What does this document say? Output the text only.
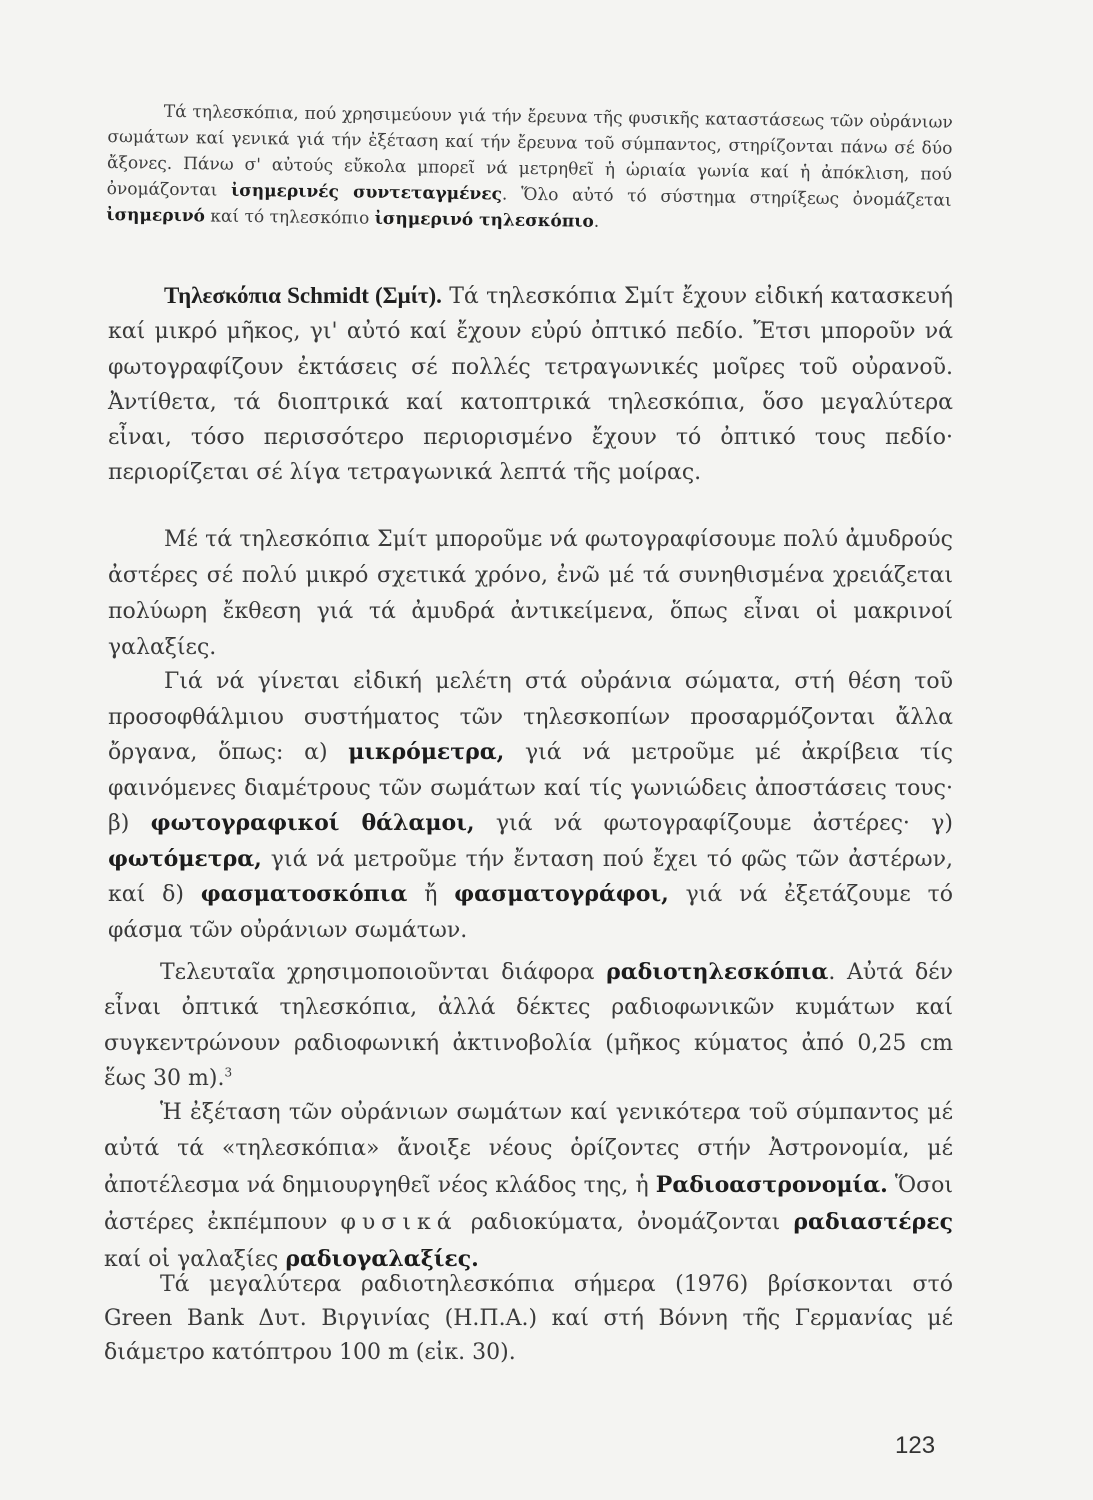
Τά τηλεσκόπια, πού χρησιμεύουν γιά τήν ἔρευνα τῆς φυσικῆς καταστάσεως τῶν οὐράνιων σωμάτων καί γενικά γιά τήν ἐξέταση καί τήν ἔρευνα τοῦ σύμπαντος, στηρίζονται πάνω σέ δύο ἄξονες. Πάνω σ' αὐτούς εὔκολα μπορεῖ νά μετρηθεῖ ἡ ὡριαία γωνία καί ἡ ἀπόκλιση, πού ὀνομάζονται ἰσημερινές συντεταγμένες. Ὅλο αὐτό τό σύστημα στηρίξεως ὀνομάζεται ἰσημερινό καί τό τηλεσκόπιο ἰσημερινό τηλεσκόπιο.

Τηλεσκόπια Schmidt (Σμίτ). Τά τηλεσκόπια Σμίτ ἔχουν εἰδική κατασκευή καί μικρό μῆκος, γι' αὐτό καί ἔχουν εὐρύ ὀπτικό πεδίο. Ἔτσι μποροῦν νά φωτογραφίζουν ἐκτάσεις σέ πολλές τετραγωνικές μοῖρες τοῦ οὐρανοῦ. Ἀντίθετα, τά διοπτρικά καί κατοπτρικά τηλεσκόπια, ὅσο μεγαλύτερα εἶναι, τόσο περισσότερο περιορισμένο ἔχουν τό ὀπτικό τους πεδίο· περιορίζεται σέ λίγα τετραγωνικά λεπτά τῆς μοίρας.

Μέ τά τηλεσκόπια Σμίτ μποροῦμε νά φωτογραφίσουμε πολύ ἀμυδρούς ἀστέρες σέ πολύ μικρό σχετικά χρόνο, ἐνῶ μέ τά συνηθισμένα χρειάζεται πολύωρη ἔκθεση γιά τά ἀμυδρά ἀντικείμενα, ὅπως εἶναι οἱ μακρινοί γαλαξίες.

Γιά νά γίνεται εἰδική μελέτη στά οὐράνια σώματα, στή θέση τοῦ προσοφθάλμιου συστήματος τῶν τηλεσκοπίων προσαρμόζονται ἄλλα ὄργανα, ὅπως: α) μικρόμετρα, γιά νά μετροῦμε μέ ἀκρίβεια τίς φαινόμενες διαμέτρους τῶν σωμάτων καί τίς γωνιώδεις ἀποστάσεις τους· β) φωτογραφικοί θάλαμοι, γιά νά φωτογραφίζουμε ἀστέρες· γ) φωτόμετρα, γιά νά μετροῦμε τήν ἔνταση πού ἔχει τό φῶς τῶν ἀστέρων, καί δ) φασματοσκόπια ἤ φασματογράφοι, γιά νά ἐξετάζουμε τό φάσμα τῶν οὐράνιων σωμάτων.

Τελευταῖα χρησιμοποιοῦνται διάφορα ραδιοτηλεσκόπια. Αὐτά δέν εἶναι ὀπτικά τηλεσκόπια, ἀλλά δέκτες ραδιοφωνικῶν κυμάτων καί συγκεντρώνουν ραδιοφωνική ἀκτινοβολία (μῆκος κύματος ἀπό 0,25 cm ἕως 30 m).$^3$

Ἡ ἐξέταση τῶν οὐράνιων σωμάτων καί γενικότερα τοῦ σύμπαντος μέ αὐτά τά «τηλεσκόπια» ἄνοιξε νέους ὁρίζοντες στήν Ἀστρονομία, μέ ἀποτέλεσμα νά δημιουργηθεῖ νέος κλάδος της, ἡ Ραδιοαστρονομία. Ὅσοι ἀστέρες ἐκπέμπουν φυσικά ραδιοκύματα, ὀνομάζονται ραδιαστέρες καί οἱ γαλαξίες ραδιογαλαξίες.

Τά μεγαλύτερα ραδιοτηλεσκόπια σήμερα (1976) βρίσκονται στό Green Bank Δυτ. Βιργινίας (Η.Π.Α.) καί στή Βόννη τῆς Γερμανίας μέ διάμετρο κατόπτρου 100 m (εἰκ. 30).

123
